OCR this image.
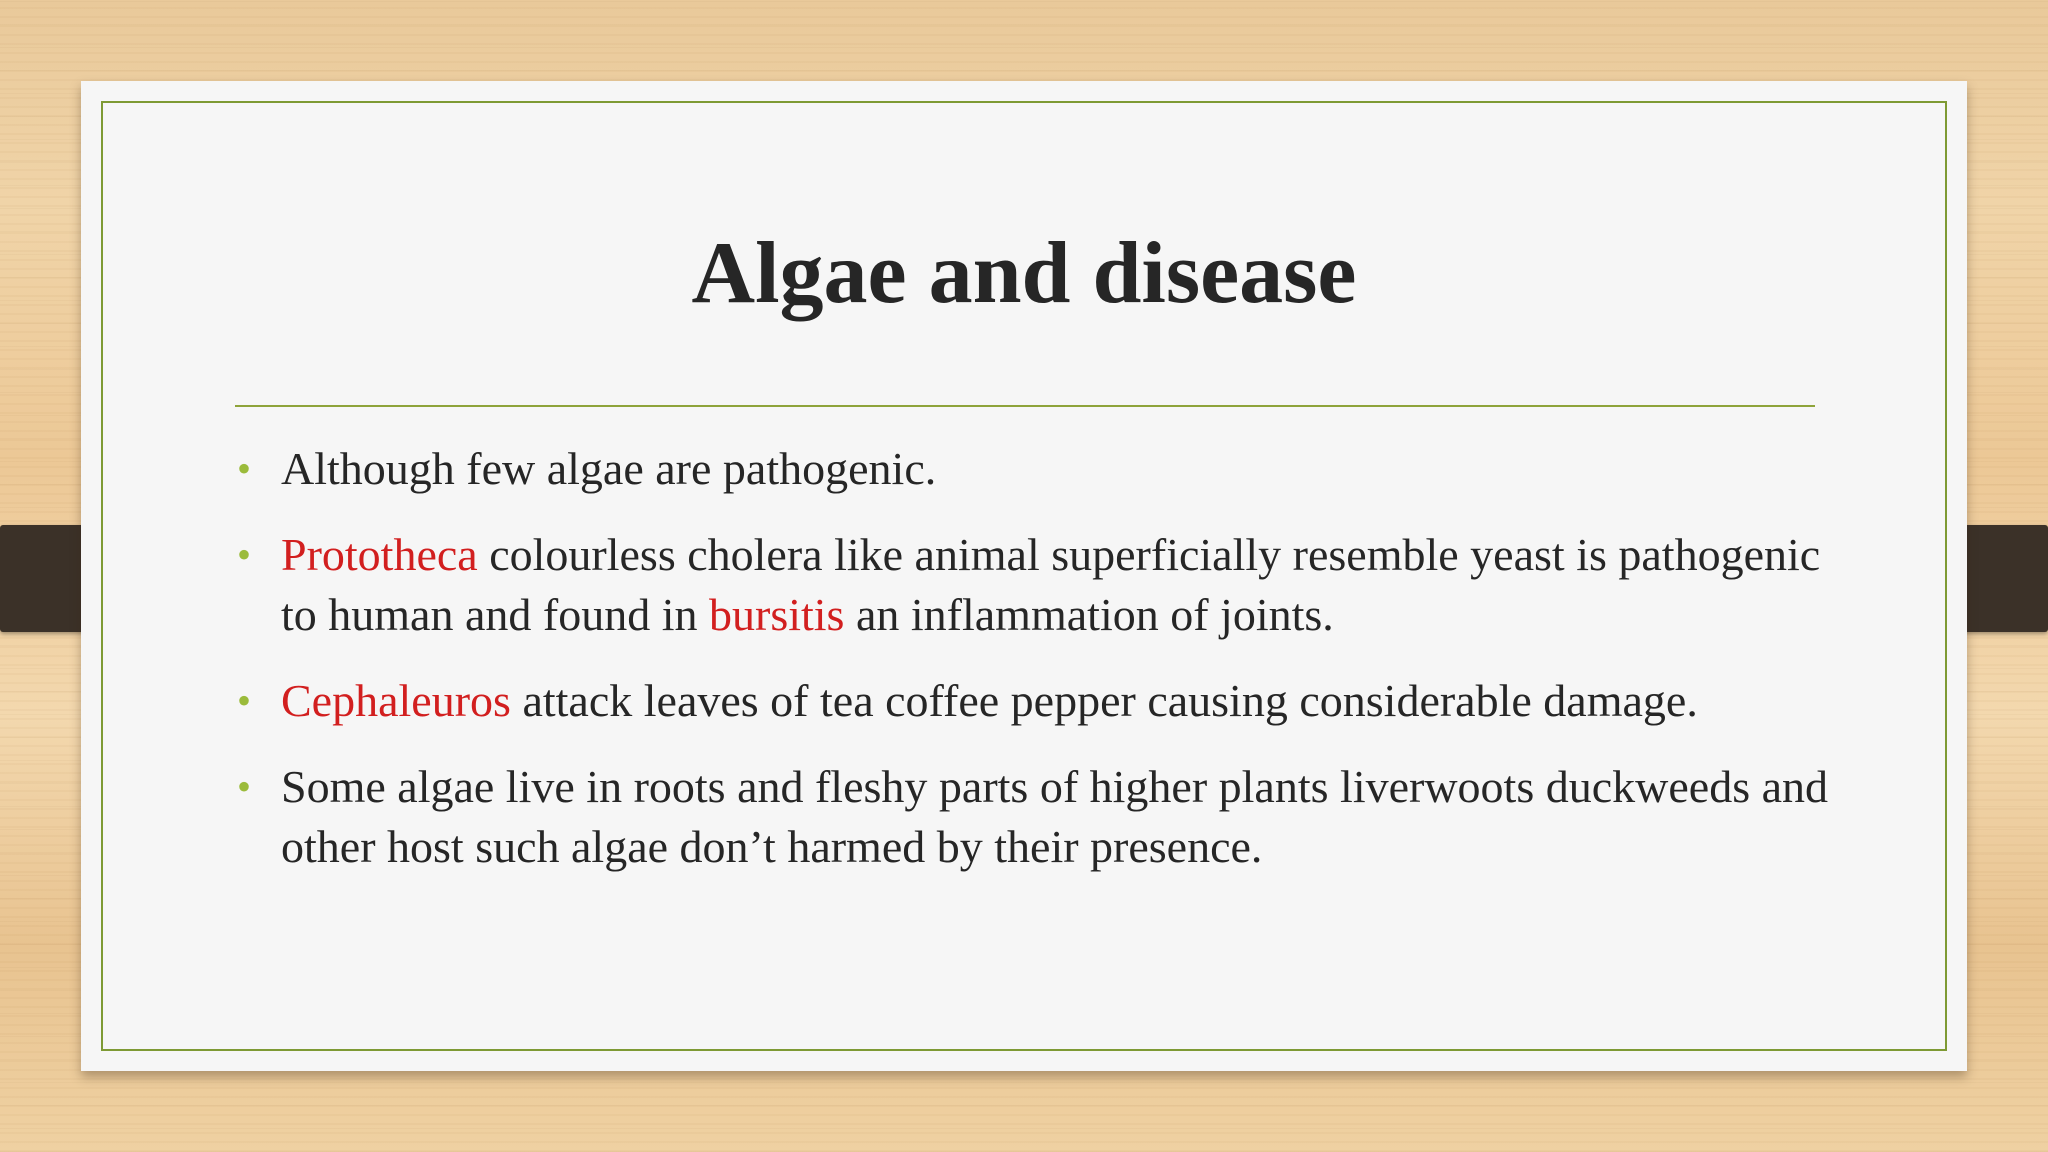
Algae and disease
• Although few algae are pathogenic.
• Prototheca colourless cholera like animal superficially resemble yeast is pathogenic to human and found in bursitis an inflammation of joints.
• Cephaleuros attack leaves of tea coffee pepper causing considerable damage.
• Some algae live in roots and fleshy parts of higher plants liverwoots duckweeds and other host such algae don’t harmed by their presence.
